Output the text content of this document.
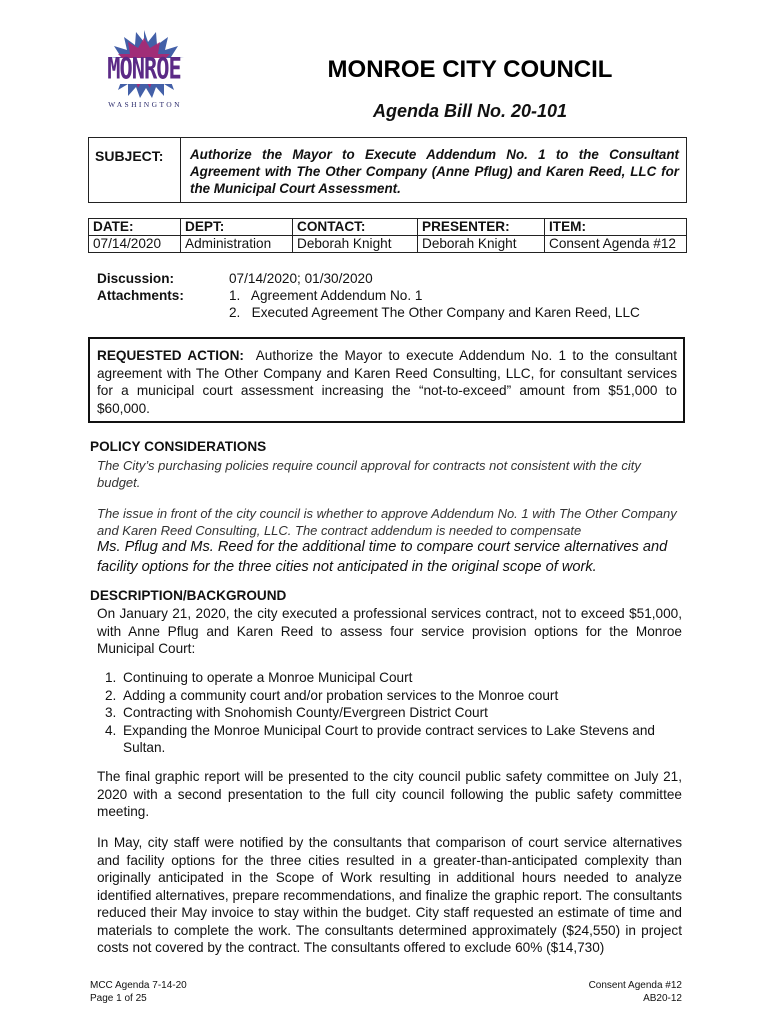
MONROE
WASHINGTON
MONROE CITY COUNCIL
Agenda Bill No. 20-101
SUBJECT: Authorize the Mayor to Execute Addendum No. 1 to the Consultant Agreement with The Other Company (Anne Pflug) and Karen Reed, LLC for the Municipal Court Assessment.
DATE:	DEPT:	CONTACT:	PRESENTER:	ITEM:
07/14/2020	Administration	Deborah Knight	Deborah Knight	Consent Agenda #12
Discussion:	07/14/2020; 01/30/2020
Attachments:	1.   Agreement Addendum No. 1
2.   Executed Agreement The Other Company and Karen Reed, LLC
REQUESTED ACTION: Authorize the Mayor to execute Addendum No. 1 to the consultant agreement with The Other Company and Karen Reed Consulting, LLC, for consultant services for a municipal court assessment increasing the “not-to-exceed” amount from $51,000 to $60,000.
POLICY CONSIDERATIONS
The City’s purchasing policies require council approval for contracts not consistent with the city budget.
The issue in front of the city council is whether to approve Addendum No. 1 with The Other Company and Karen Reed Consulting, LLC. The contract addendum is needed to compensate
Ms. Pflug and Ms. Reed for the additional time to compare court service alternatives and facility options for the three cities not anticipated in the original scope of work.
DESCRIPTION/BACKGROUND
On January 21, 2020, the city executed a professional services contract, not to exceed $51,000, with Anne Pflug and Karen Reed to assess four service provision options for the Monroe Municipal Court:
1. Continuing to operate a Monroe Municipal Court
2. Adding a community court and/or probation services to the Monroe court
3. Contracting with Snohomish County/Evergreen District Court
4. Expanding the Monroe Municipal Court to provide contract services to Lake Stevens and Sultan.
The final graphic report will be presented to the city council public safety committee on July 21, 2020 with a second presentation to the full city council following the public safety committee meeting.
In May, city staff were notified by the consultants that comparison of court service alternatives and facility options for the three cities resulted in a greater-than-anticipated complexity than originally anticipated in the Scope of Work resulting in additional hours needed to analyze identified alternatives, prepare recommendations, and finalize the graphic report. The consultants reduced their May invoice to stay within the budget. City staff requested an estimate of time and materials to complete the work. The consultants determined approximately ($24,550) in project costs not covered by the contract. The consultants offered to exclude 60% ($14,730)
MCC Agenda 7-14-20
Page 1 of 25
Consent Agenda #12
AB20-12
